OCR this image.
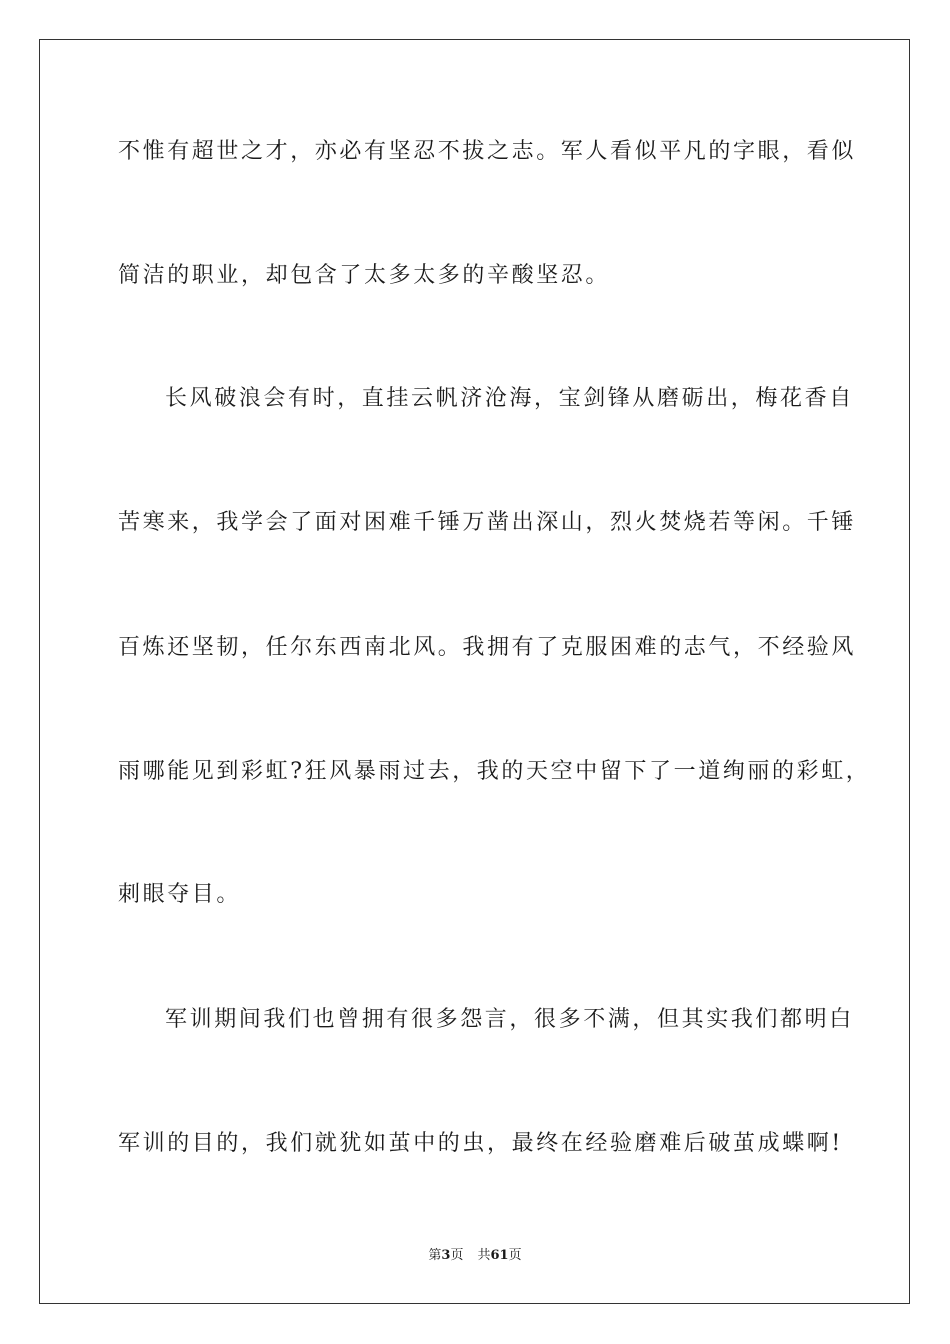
不惟有超世之才，亦必有坚忍不拔之志。军人看似平凡的字眼，看似
简洁的职业，却包含了太多太多的辛酸坚忍。
长风破浪会有时，直挂云帆济沧海，宝剑锋从磨砺出，梅花香自
苦寒来，我学会了面对困难千锤万凿出深山，烈火焚烧若等闲。千锤
百炼还坚韧，任尔东西南北风。我拥有了克服困难的志气，不经验风
雨哪能见到彩虹?狂风暴雨过去，我的天空中留下了一道绚丽的彩虹，
刺眼夺目。
军训期间我们也曾拥有很多怨言，很多不满，但其实我们都明白
军训的目的，我们就犹如茧中的虫，最终在经验磨难后破茧成蝶啊!
第3页 共61页
